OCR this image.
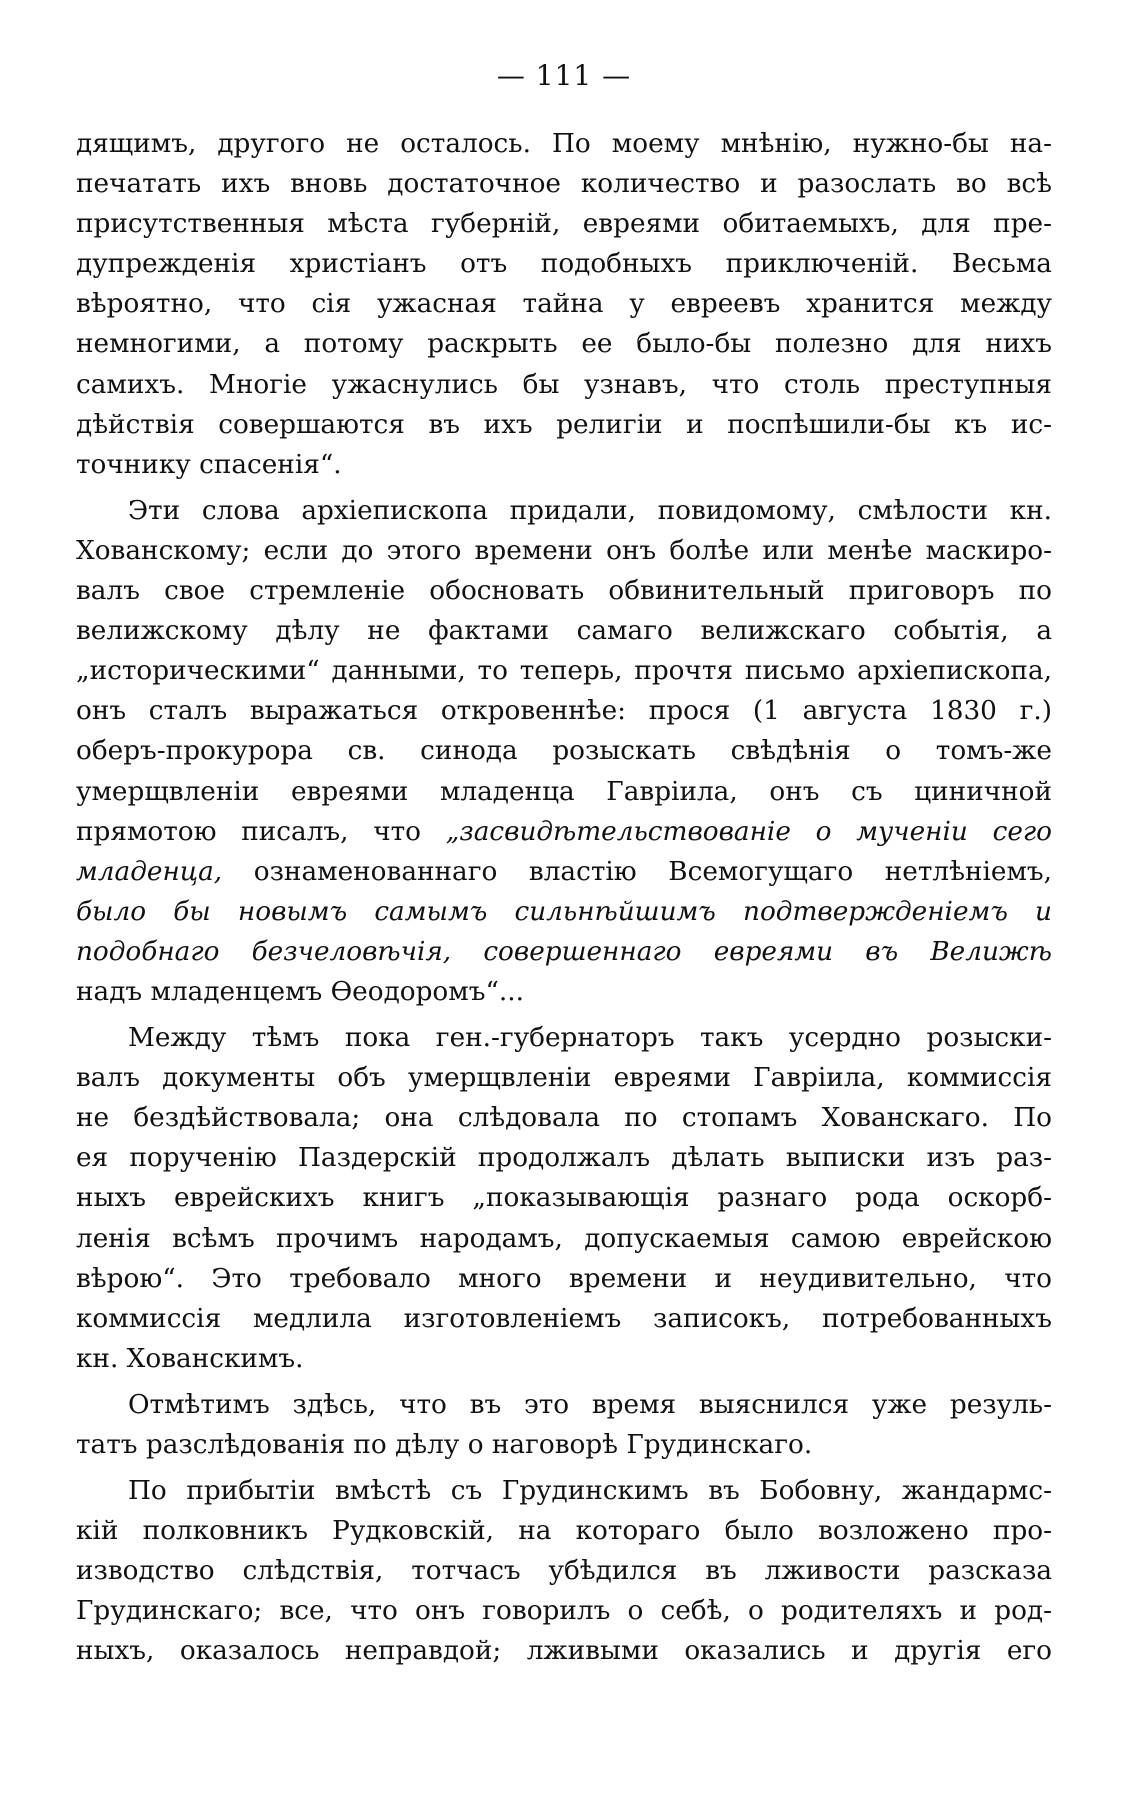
— 111 —
дящимъ, другого не осталось. По моему мнѣнію, нужно-бы на-
печатать ихъ вновь достаточное количество и разослать во всѣ
присутственныя мѣста губерній, евреями обитаемыхъ, для пре-
дупрежденія христіанъ отъ подобныхъ приключеній. Весьма
вѣроятно, что сія ужасная тайна у евреевъ хранится между
немногими, а потому раскрыть ее было-бы полезно для нихъ
самихъ. Многіе ужаснулись бы узнавъ, что столь преступныя
дѣйствія совершаются въ ихъ религіи и поспѣшили-бы къ ис-
точнику спасенія“.
Эти слова архіепископа придали, повидомому, смѣлости кн.
Хованскому; если до этого времени онъ болѣе или менѣе маскиро-
валъ свое стремленіе обосновать обвинительный приговоръ по
велижскому дѣлу не фактами самаго велижскаго событія, а
„историческими“ данными, то теперь, прочтя письмо архіепископа,
онъ сталъ выражаться откровеннѣе: прося (1 августа 1830 г.)
оберъ-прокурора св. синода розыскать свѣдѣнія о томъ-же
умерщвленіи евреями младенца Гавріила, онъ съ циничной
прямотою писалъ, что „засвидѣтельствованіе о мученіи сего
младенца, ознаменованнаго властію Всемогущаго нетлѣніемъ,
было бы новымъ самымъ сильнѣйшимъ подтвержденіемъ и
подобнаго безчеловѣчія, совершеннаго евреями въ Велижѣ
надъ младенцемъ Ѳеодоромъ“...
Между тѣмъ пока ген.-губернаторъ такъ усердно розыски-
валъ документы объ умерщвленіи евреями Гавріила, коммиссія
не бездѣйствовала; она слѣдовала по стопамъ Хованскаго. По
ея порученію Паздерскій продолжалъ дѣлать выписки изъ раз-
ныхъ еврейскихъ книгъ „показывающія разнаго рода оскорб-
ленія всѣмъ прочимъ народамъ, допускаемыя самою еврейскою
вѣрою“. Это требовало много времени и неудивительно, что
коммиссія медлила изготовленіемъ записокъ, потребованныхъ
кн. Хованскимъ.
Отмѣтимъ здѣсь, что въ это время выяснился уже резуль-
татъ разслѣдованія по дѣлу о наговорѣ Грудинскаго.
По прибытіи вмѣстѣ съ Грудинскимъ въ Бобовну, жандармс-
кій полковникъ Рудковскій, на котораго было возложено про-
изводство слѣдствія, тотчасъ убѣдился въ лживости разсказа
Грудинскаго; все, что онъ говорилъ о себѣ, о родителяхъ и род-
ныхъ, оказалось неправдой; лживыми оказались и другія его
